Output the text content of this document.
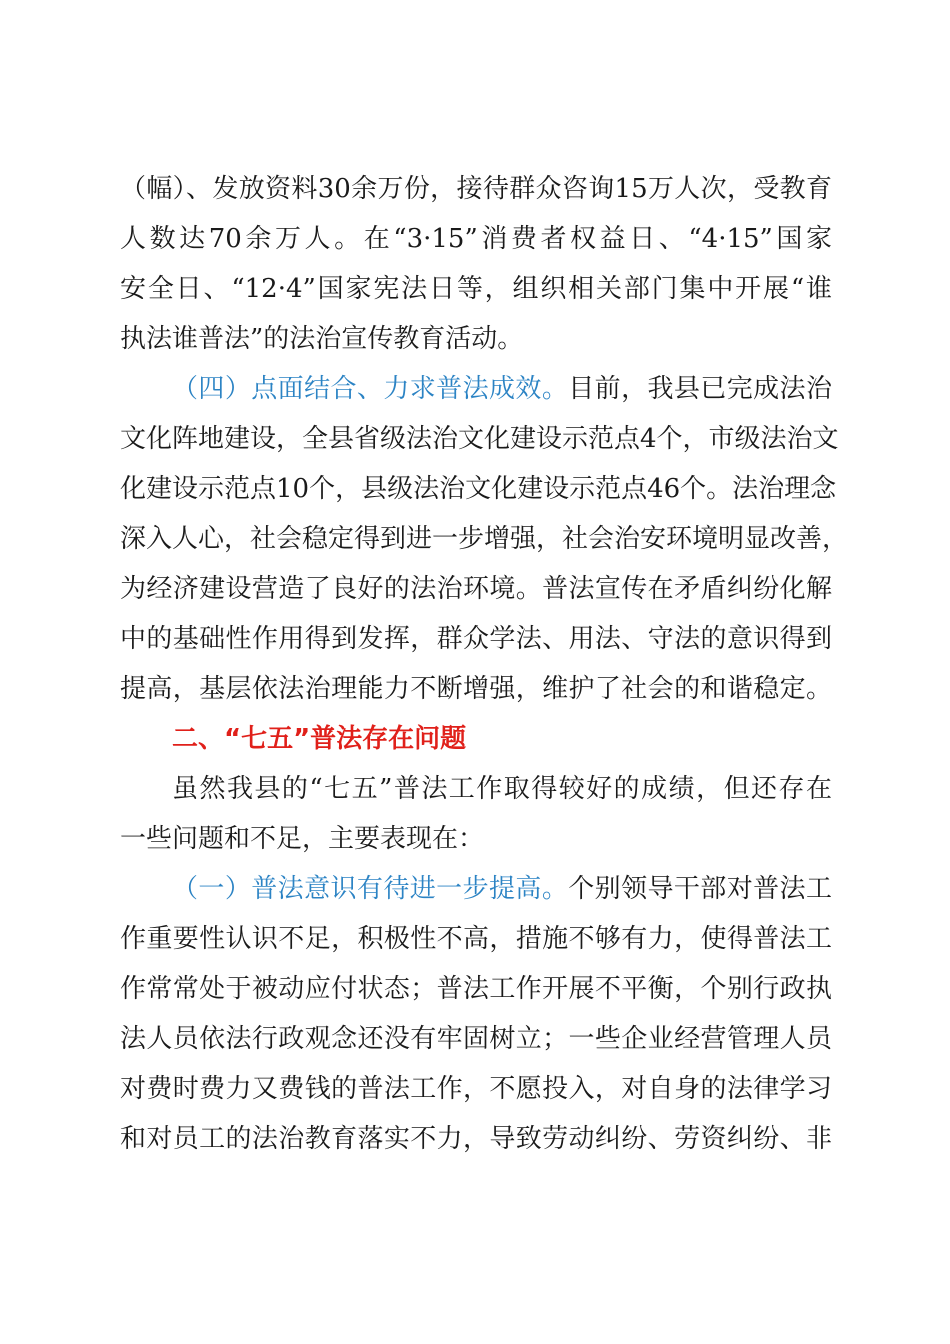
（幅）、发放资料30余万份，接待群众咨询15万人次，受教育
人数达70余万人。在“3·15”消费者权益日、“4·15”国家
安全日、“12·4”国家宪法日等，组织相关部门集中开展“谁
执法谁普法”的法治宣传教育活动。
（四）点面结合、力求普法成效。目前，我县已完成法治
文化阵地建设，全县省级法治文化建设示范点4个，市级法治文
化建设示范点10个，县级法治文化建设示范点46个。法治理念
深入人心，社会稳定得到进一步增强，社会治安环境明显改善，
为经济建设营造了良好的法治环境。普法宣传在矛盾纠纷化解
中的基础性作用得到发挥，群众学法、用法、守法的意识得到
提高，基层依法治理能力不断增强，维护了社会的和谐稳定。
二、“七五”普法存在问题
虽然我县的“七五”普法工作取得较好的成绩，但还存在
一些问题和不足，主要表现在：
（一）普法意识有待进一步提高。个别领导干部对普法工
作重要性认识不足，积极性不高，措施不够有力，使得普法工
作常常处于被动应付状态；普法工作开展不平衡，个别行政执
法人员依法行政观念还没有牢固树立；一些企业经营管理人员
对费时费力又费钱的普法工作，不愿投入，对自身的法律学习
和对员工的法治教育落实不力，导致劳动纠纷、劳资纠纷、非
